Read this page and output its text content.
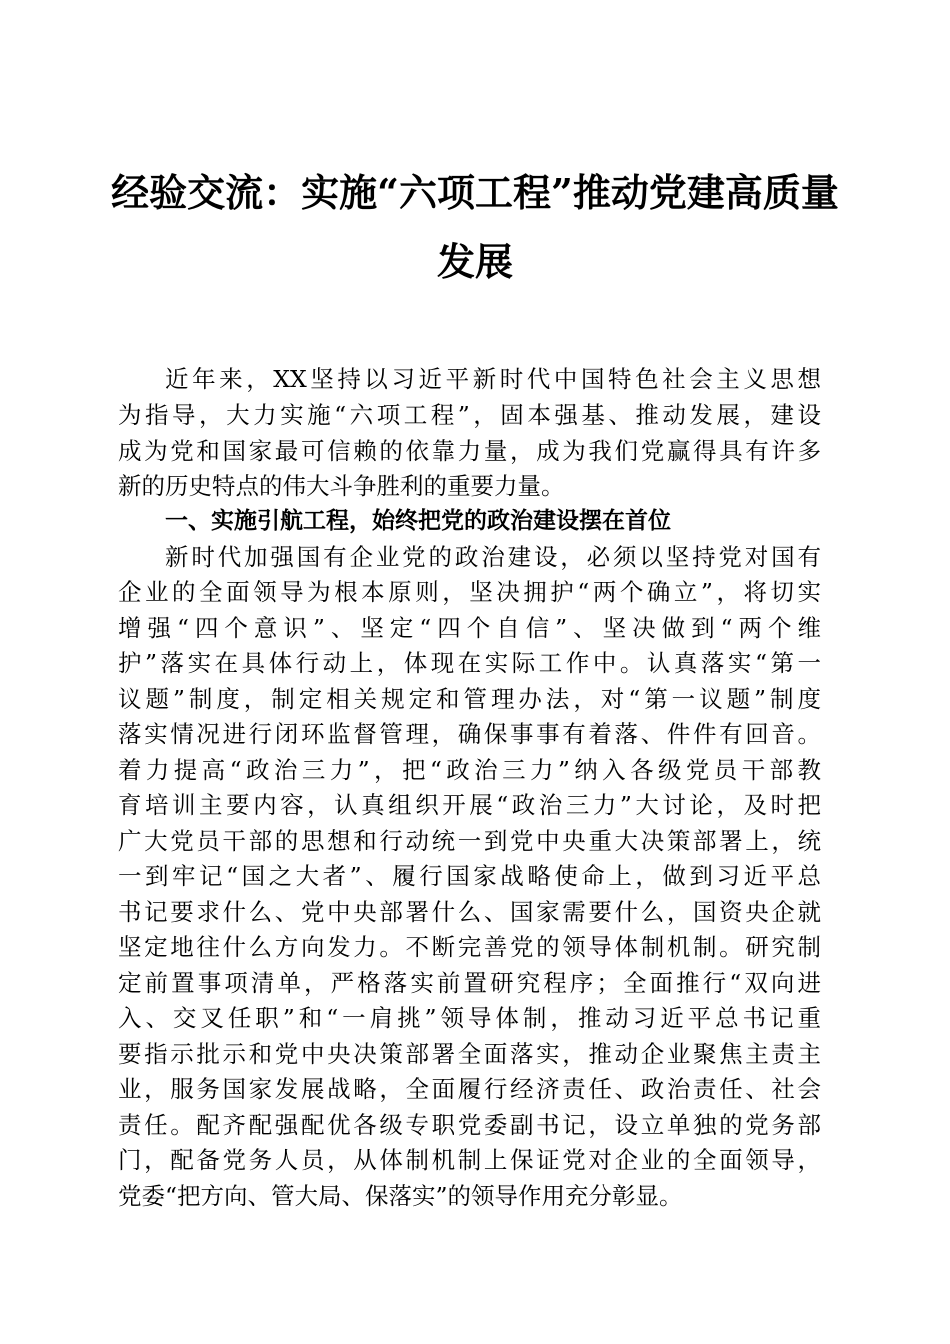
经验交流：实施“六项工程”推动党建高质量
发展

近年来，XX坚持以习近平新时代中国特色社会主义思想

为指导，大力实施“六项工程”，固本强基、推动发展，建设

成为党和国家最可信赖的依靠力量，成为我们党赢得具有许多

新的历史特点的伟大斗争胜利的重要力量。

一、实施引航工程，始终把党的政治建设摆在首位

新时代加强国有企业党的政治建设，必须以坚持党对国有

企业的全面领导为根本原则，坚决拥护“两个确立”，将切实

增强“四个意识”、坚定“四个自信”、坚决做到“两个维

护”落实在具体行动上，体现在实际工作中。认真落实“第一

议题”制度，制定相关规定和管理办法，对“第一议题”制度

落实情况进行闭环监督管理，确保事事有着落、件件有回音。

着力提高“政治三力”，把“政治三力”纳入各级党员干部教

育培训主要内容，认真组织开展“政治三力”大讨论，及时把

广大党员干部的思想和行动统一到党中央重大决策部署上，统

一到牢记“国之大者”、履行国家战略使命上，做到习近平总

书记要求什么、党中央部署什么、国家需要什么，国资央企就

坚定地往什么方向发力。不断完善党的领导体制机制。研究制

定前置事项清单，严格落实前置研究程序；全面推行“双向进

入、交叉任职”和“一肩挑”领导体制，推动习近平总书记重

要指示批示和党中央决策部署全面落实，推动企业聚焦主责主

业，服务国家发展战略，全面履行经济责任、政治责任、社会

责任。配齐配强配优各级专职党委副书记，设立单独的党务部

门，配备党务人员，从体制机制上保证党对企业的全面领导，

党委“把方向、管大局、保落实”的领导作用充分彰显。
